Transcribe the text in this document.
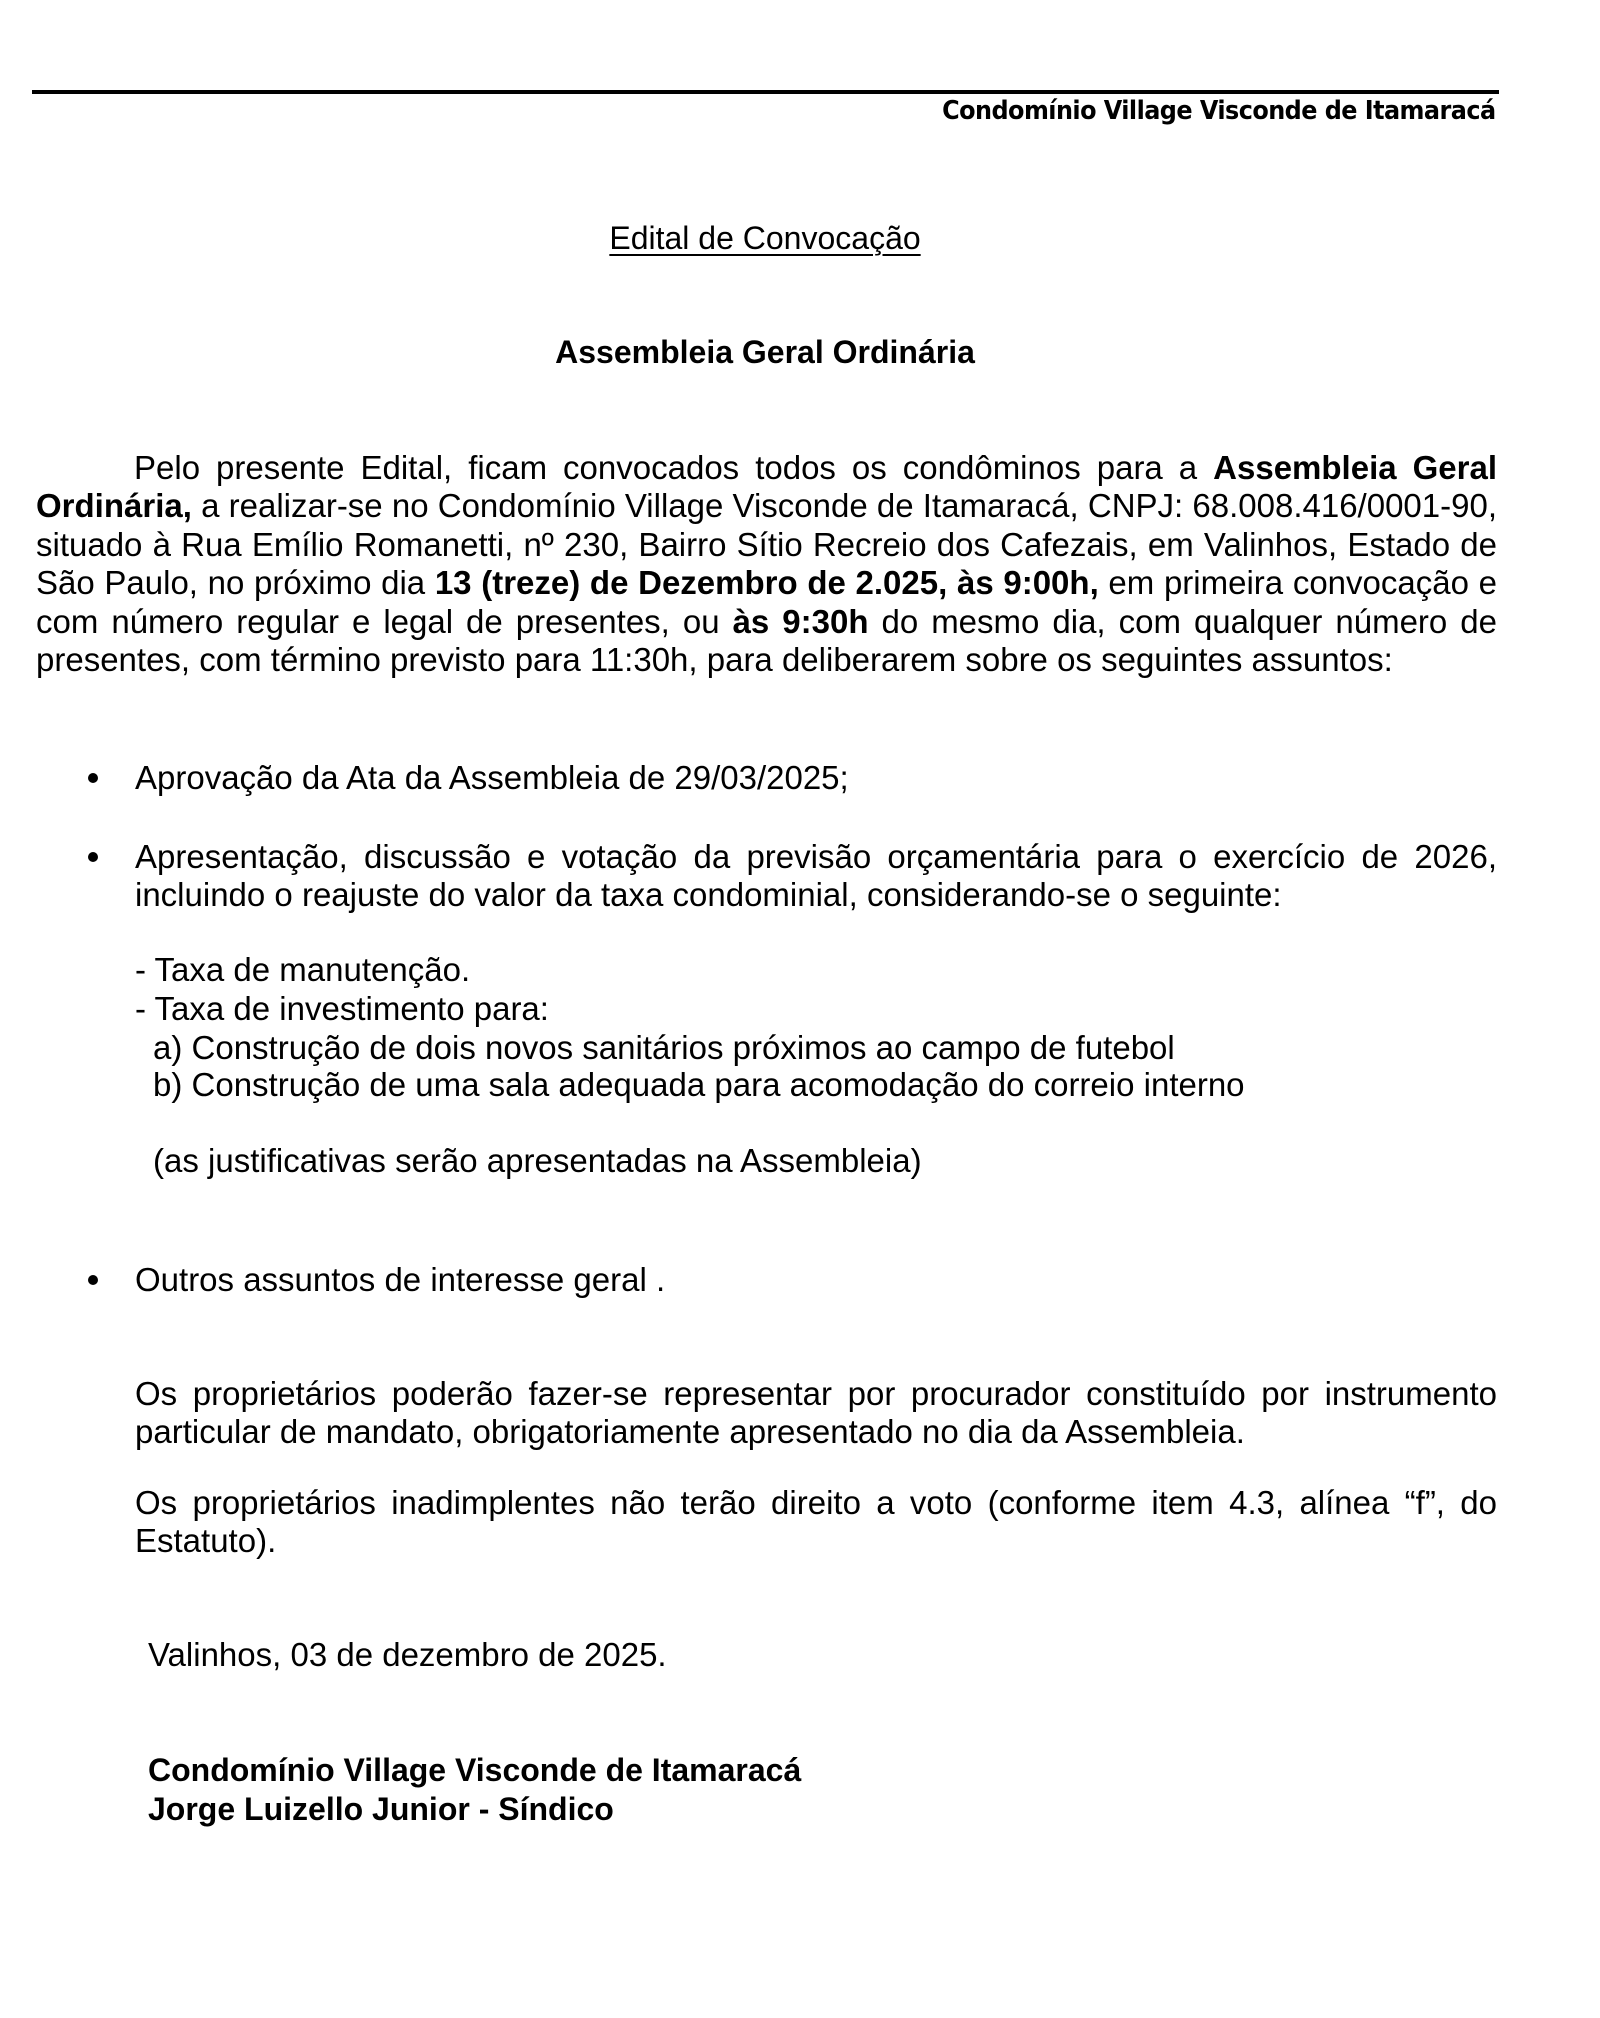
Condomínio Village Visconde de Itamaracá
Edital de Convocação
Assembleia Geral Ordinária

Pelo presente Edital, ficam convocados todos os condôminos para a Assembleia Geral Ordinária, a realizar-se no Condomínio Village Visconde de Itamaracá, CNPJ: 68.008.416/0001-90, situado à Rua Emílio Romanetti, nº 230, Bairro Sítio Recreio dos Cafezais, em Valinhos, Estado de São Paulo, no próximo dia 13 (treze) de Dezembro de 2.025, às 9:00h, em primeira convocação e com número regular e legal de presentes, ou às 9:30h do mesmo dia, com qualquer número de presentes, com término previsto para 11:30h, para deliberarem sobre os seguintes assuntos:

Aprovação da Ata da Assembleia de 29/03/2025;

Apresentação, discussão e votação da previsão orçamentária para o exercício de 2026, incluindo o reajuste do valor da taxa condominial, considerando-se o seguinte:

- Taxa de manutenção.
- Taxa de investimento para:
a) Construção de dois novos sanitários próximos ao campo de futebol
b) Construção de uma sala adequada para acomodação do correio interno
(as justificativas serão apresentadas na Assembleia)
Outros assuntos de interesse geral .

Os proprietários poderão fazer-se representar por procurador constituído por instrumento particular de mandato, obrigatoriamente apresentado no dia da Assembleia.

Os proprietários inadimplentes não terão direito a voto (conforme item 4.3, alínea “f”, do Estatuto).

Valinhos, 03 de dezembro de 2025.
Condomínio Village Visconde de Itamaracá
Jorge Luizello Junior - Síndico
